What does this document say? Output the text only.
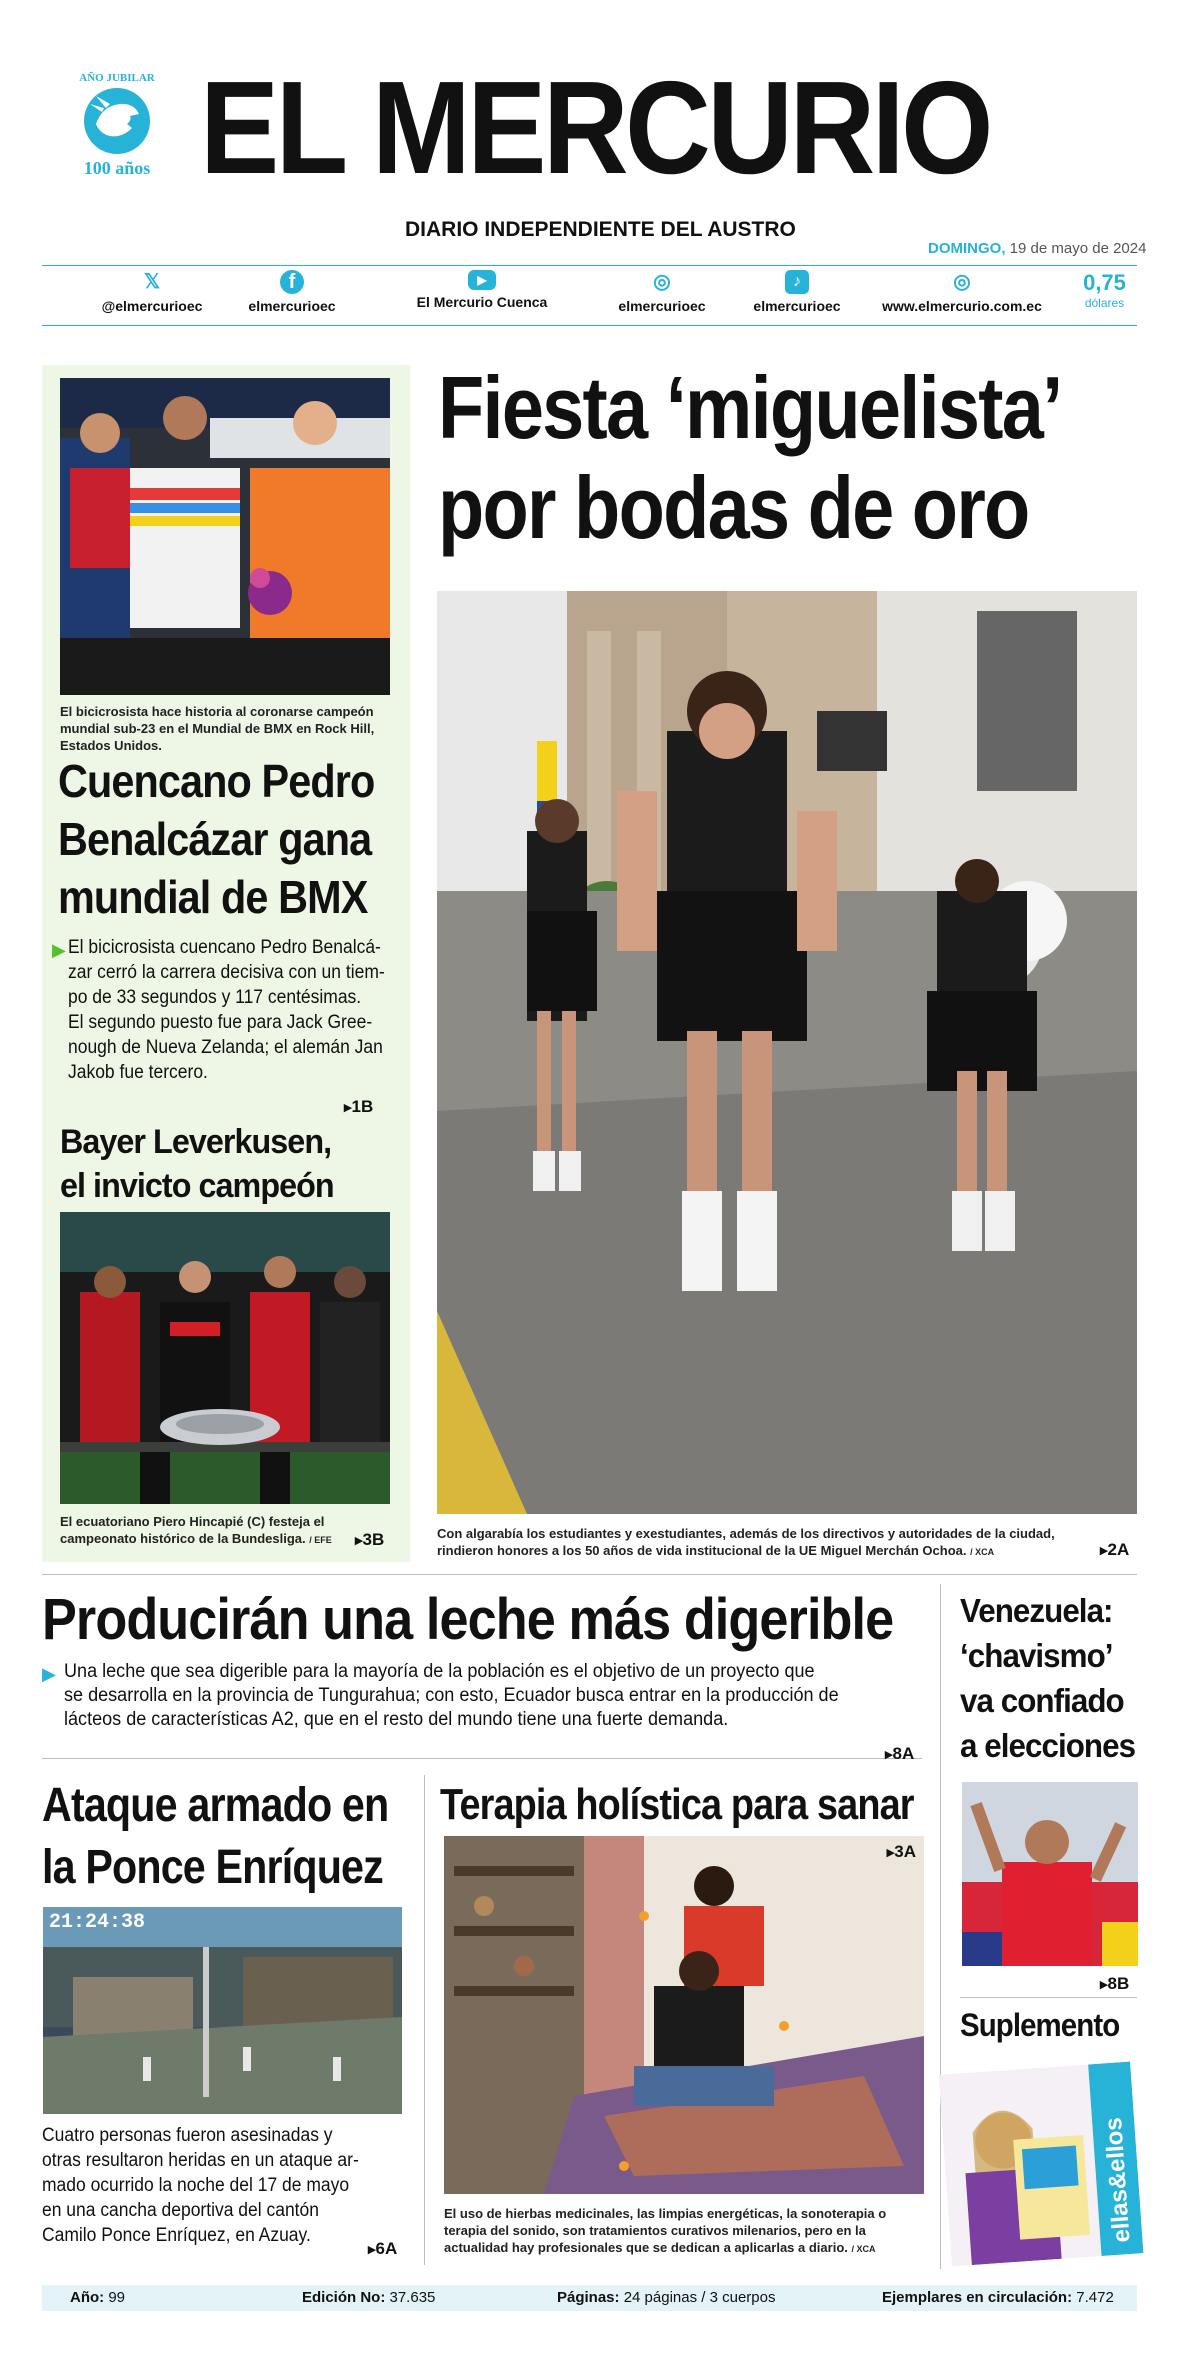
AÑO JUBILAR
100 años EL MERCURIO
DIARIO INDEPENDIENTE DEL AUSTRO
DOMINGO, 19 de mayo de 2024
𝕏
@elmercurioec
f
elmercurioec
▶
El Mercurio Cuenca
◎
elmercurioec
♪
elmercurioec
◎
www.elmercurio.com.ec
0,75
dólares
El bicicrosista hace historia al coronarse campeón mundial sub-23 en el Mundial de BMX en Rock Hill, Estados Unidos.
Cuencano Pedro
Benalcázar gana
mundial de BMX
▶ El bicicrosista cuencano Pedro Benalcá-
zar cerró la carrera decisiva con un tiem-
po de 33 segundos y 117 centésimas.
El segundo puesto fue para Jack Gree-
nough de Nueva Zelanda; el alemán Jan
Jakob fue tercero.
▸ 1B
Bayer Leverkusen,
el invicto campeón
El ecuatoriano Piero Hincapié (C) festeja el campeonato histórico de la Bundesliga. / EFE	▸ 3B
Fiesta ‘miguelista’
por bodas de oro
Con algarabía los estudiantes y exestudiantes, además de los directivos y autoridades de la ciudad,
rindieron honores a los 50 años de vida institucional de la UE Miguel Merchán Ochoa. / XCA	▸ 2A
Producirán una leche más digerible
▶ Una leche que sea digerible para la mayoría de la población es el objetivo de un proyecto que
se desarrolla en la provincia de Tungurahua; con esto, Ecuador busca entrar en la producción de
lácteos de características A2, que en el resto del mundo tiene una fuerte demanda.
▸ 8A
Venezuela:
‘chavismo’
va confiado
a elecciones
▸ 8B
Suplemento
ellas&ellos
Ataque armado en
la Ponce Enríquez
21:24:38
Cuatro personas fueron asesinadas y
otras resultaron heridas en un ataque ar-
mado ocurrido la noche del 17 de mayo
en una cancha deportiva del cantón
Camilo Ponce Enríquez, en Azuay.
▸ 6A
Terapia holística para sanar
▸ 3A
El uso de hierbas medicinales, las limpias energéticas, la sonoterapia o
terapia del sonido, son tratamientos curativos milenarios, pero en la
actualidad hay profesionales que se dedican a aplicarlas a diario. / XCA
Año: 99	Edición No: 37.635	Páginas: 24 páginas / 3 cuerpos	Ejemplares en circulación: 7.472
